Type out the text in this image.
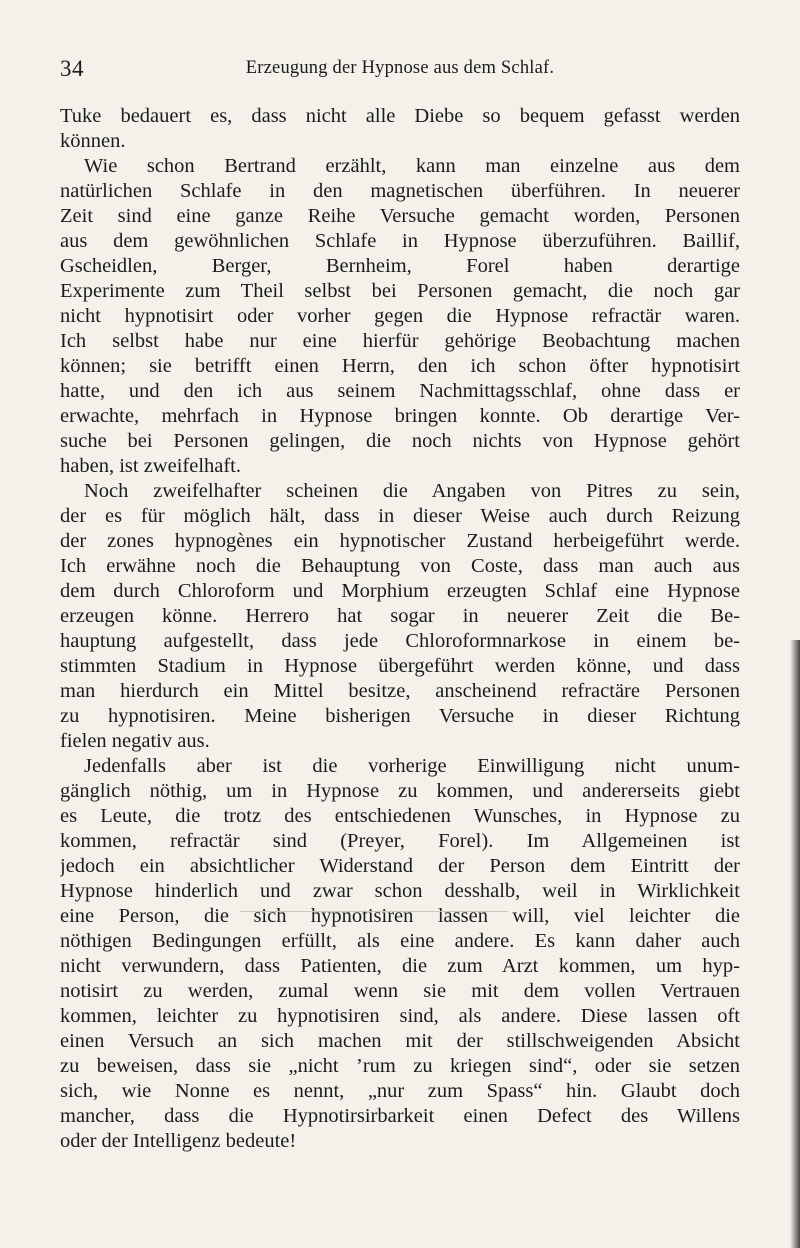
34	Erzeugung der Hypnose aus dem Schlaf.
Tuke bedauert es, dass nicht alle Diebe so bequem gefasst werden
können.
Wie schon Bertrand erzählt, kann man einzelne aus dem
natürlichen Schlafe in den magnetischen überführen. In neuerer
Zeit sind eine ganze Reihe Versuche gemacht worden, Personen
aus dem gewöhnlichen Schlafe in Hypnose überzuführen. Baillif,
Gscheidlen, Berger, Bernheim, Forel haben derartige
Experimente zum Theil selbst bei Personen gemacht, die noch gar
nicht hypnotisirt oder vorher gegen die Hypnose refractär waren.
Ich selbst habe nur eine hierfür gehörige Beobachtung machen
können; sie betrifft einen Herrn, den ich schon öfter hypnotisirt
hatte, und den ich aus seinem Nachmittagsschlaf, ohne dass er
erwachte, mehrfach in Hypnose bringen konnte. Ob derartige Ver-
suche bei Personen gelingen, die noch nichts von Hypnose gehört
haben, ist zweifelhaft.
Noch zweifelhafter scheinen die Angaben von Pitres zu sein,
der es für möglich hält, dass in dieser Weise auch durch Reizung
der zones hypnogènes ein hypnotischer Zustand herbeigeführt werde.
Ich erwähne noch die Behauptung von Coste, dass man auch aus
dem durch Chloroform und Morphium erzeugten Schlaf eine Hypnose
erzeugen könne. Herrero hat sogar in neuerer Zeit die Be-
hauptung aufgestellt, dass jede Chloroformnarkose in einem be-
stimmten Stadium in Hypnose übergeführt werden könne, und dass
man hierdurch ein Mittel besitze, anscheinend refractäre Personen
zu hypnotisiren. Meine bisherigen Versuche in dieser Richtung
fielen negativ aus.
Jedenfalls aber ist die vorherige Einwilligung nicht unum-
gänglich nöthig, um in Hypnose zu kommen, und andererseits giebt
es Leute, die trotz des entschiedenen Wunsches, in Hypnose zu
kommen, refractär sind (Preyer, Forel). Im Allgemeinen ist
jedoch ein absichtlicher Widerstand der Person dem Eintritt der
Hypnose hinderlich und zwar schon desshalb, weil in Wirklichkeit
eine Person, die sich hypnotisiren lassen will, viel leichter die
nöthigen Bedingungen erfüllt, als eine andere. Es kann daher auch
nicht verwundern, dass Patienten, die zum Arzt kommen, um hyp-
notisirt zu werden, zumal wenn sie mit dem vollen Vertrauen
kommen, leichter zu hypnotisiren sind, als andere. Diese lassen oft
einen Versuch an sich machen mit der stillschweigenden Absicht
zu beweisen, dass sie „nicht ’rum zu kriegen sind“, oder sie setzen
sich, wie Nonne es nennt, „nur zum Spass“ hin. Glaubt doch
mancher, dass die Hypnotirsirbarkeit einen Defect des Willens
oder der Intelligenz bedeute!
